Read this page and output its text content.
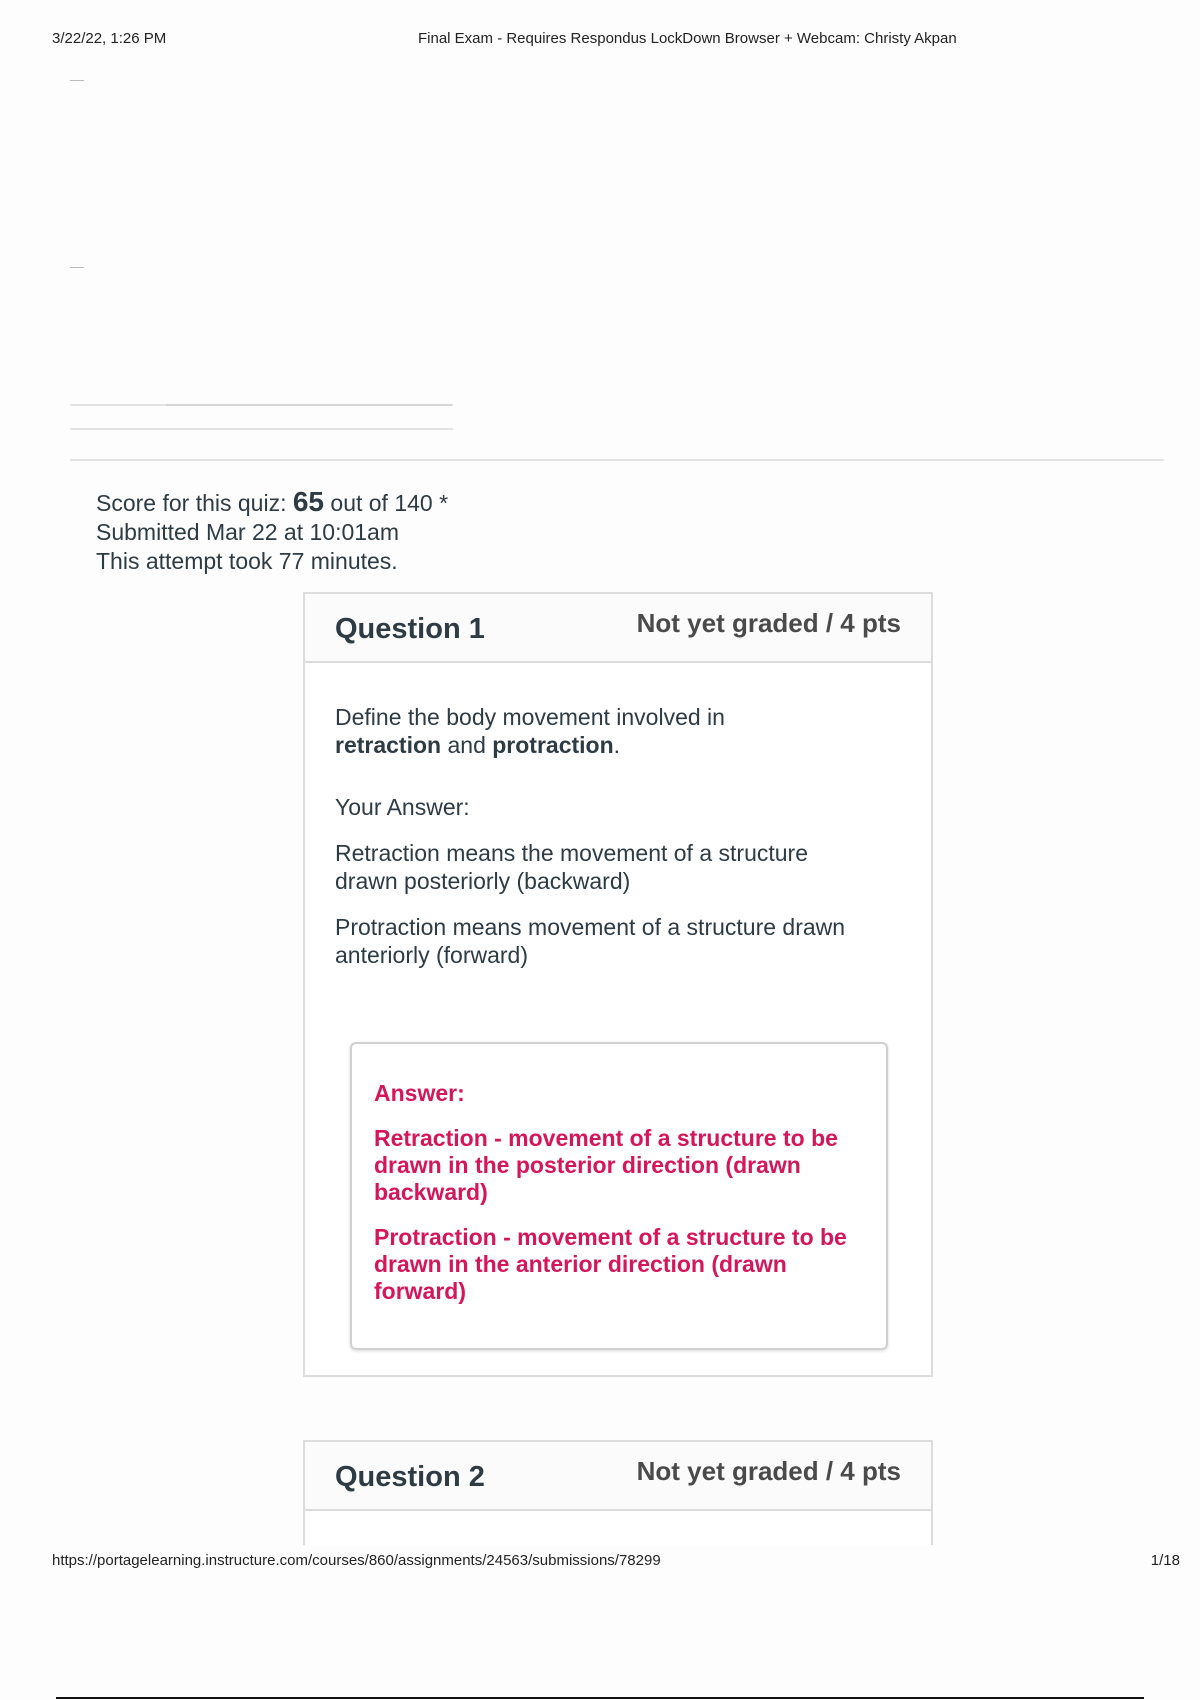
3/22/22, 1:26 PM	Final Exam - Requires Respondus LockDown Browser + Webcam: Christy Akpan
Score for this quiz: 65 out of 140 *
Submitted Mar 22 at 10:01am
This attempt took 77 minutes.
Question 1	Not yet graded / 4 pts
Define the body movement involved in retraction and protraction.
Your Answer:
Retraction means the movement of a structure drawn posteriorly (backward)
Protraction means movement of a structure drawn anteriorly (forward)
Answer:
Retraction - movement of a structure to be drawn in the posterior direction (drawn backward)
Protraction - movement of a structure to be drawn in the anterior direction (drawn forward)
Question 2	Not yet graded / 4 pts
https://portagelearning.instructure.com/courses/860/assignments/24563/submissions/78299	1/18
